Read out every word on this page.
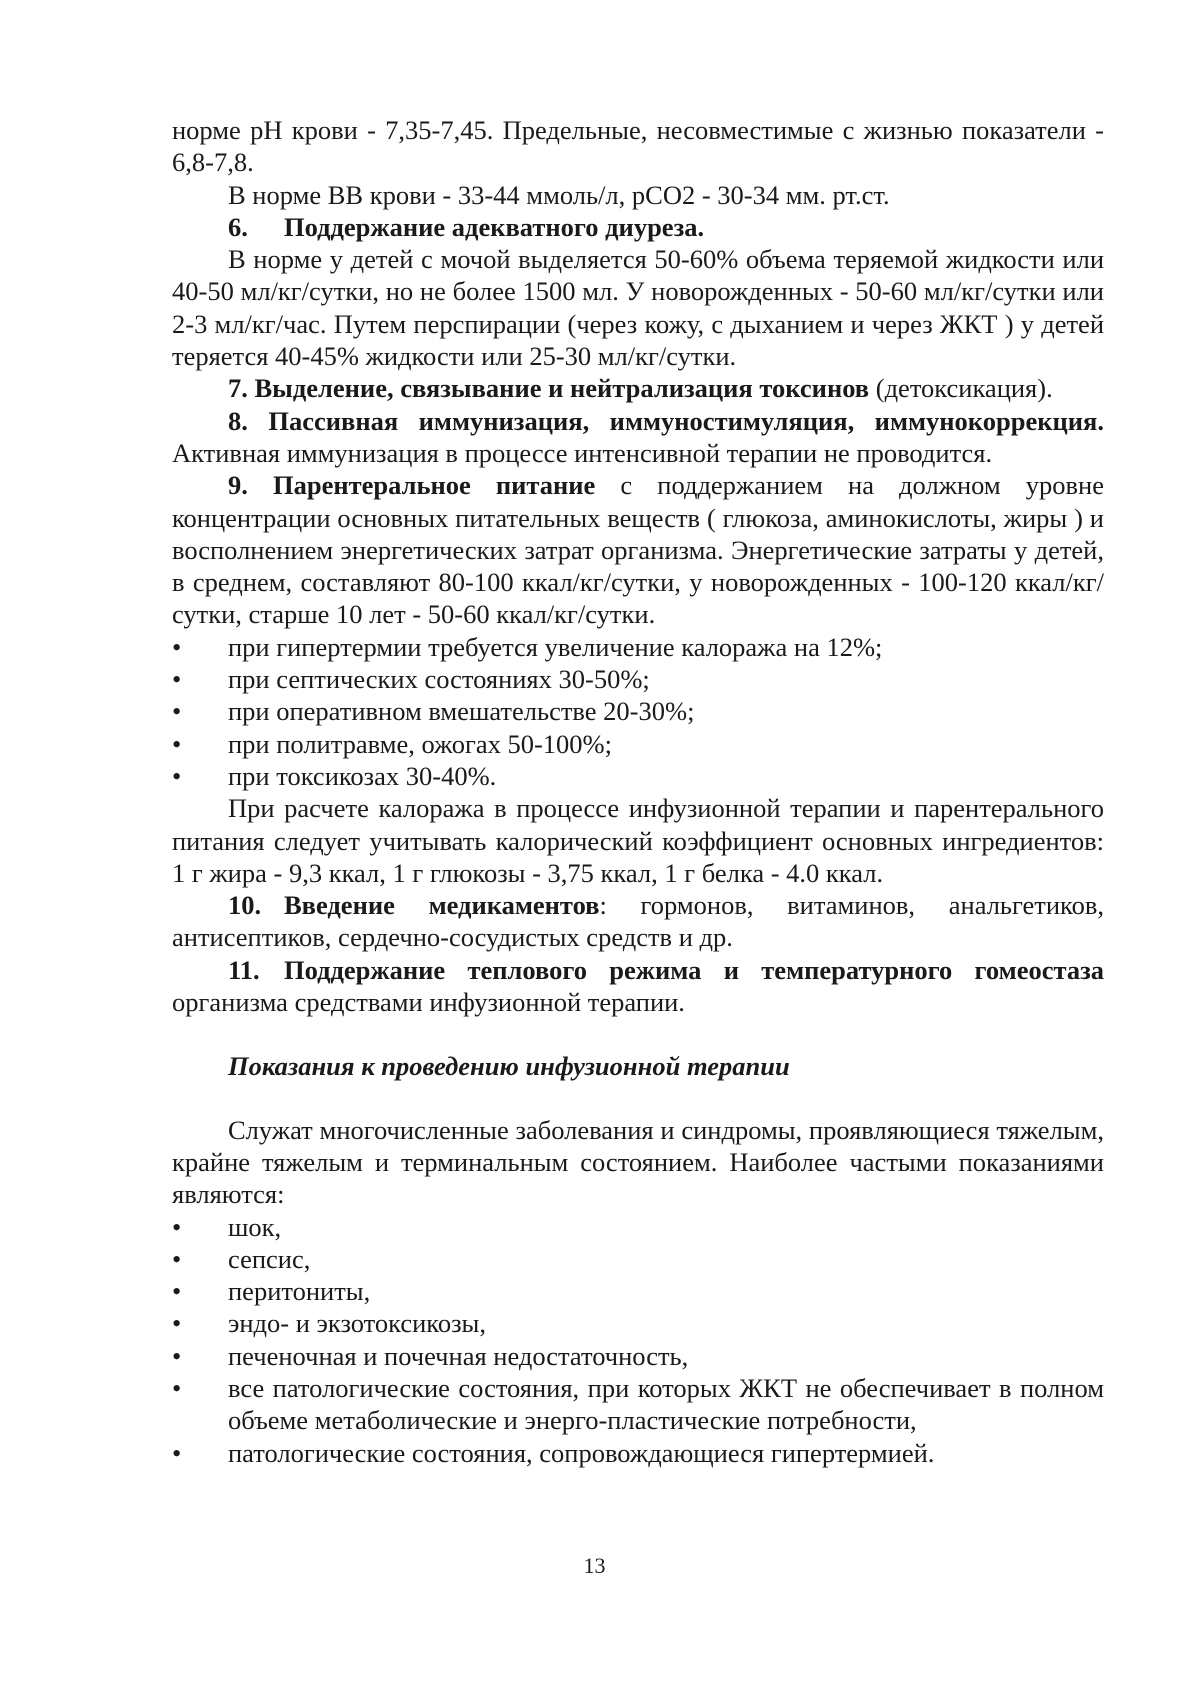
норме рН крови - 7,35-7,45. Предельные, несовместимые с жизнью показатели - 6,8-7,8.

В норме ВВ крови - 33-44 ммоль/л, рСО2 - 30-34 мм. рт.ст.

6. Поддержание адекватного диуреза.

В норме у детей с мочой выделяется 50-60% объема теряемой жидкости или 40-50 мл/кг/сутки, но не более 1500 мл. У новорожденных - 50-60 мл/кг/сутки или 2-3 мл/кг/час. Путем перспирации (через кожу, с дыханием и через ЖКТ ) у детей теряется 40-45% жидкости или 25-30 мл/кг/сутки.

7. Выделение, связывание и нейтрализация токсинов (детоксикация).

8. Пассивная иммунизация, иммуностимуляция, иммунокоррекция. Активная иммунизация в процессе интенсивной терапии не проводится.

9. Парентеральное питание с поддержанием на должном уровне концентрации основных питательных веществ ( глюкоза, аминокислоты, жиры ) и восполнением энергетических затрат организма. Энергетические затраты у детей, в среднем, составляют 80-100 ккал/кг/сутки, у новорожденных - 100-120 ккал/кг/сутки, старше 10 лет - 50-60 ккал/кг/сутки.

• при гипертермии требуется увеличение калоража на 12%;
• при септических состояниях 30-50%;
• при оперативном вмешательстве 20-30%;
• при политравме, ожогах 50-100%;
• при токсикозах 30-40%.

При расчете калоража в процессе инфузионной терапии и парентерального питания следует учитывать калорический коэффициент основных ингредиентов: 1 г жира - 9,3 ккал, 1 г глюкозы - 3,75 ккал, 1 г белка - 4.0 ккал.

10. Введение медикаментов: гормонов, витаминов, анальгетиков, антисептиков, сердечно-сосудистых средств и др.

11. Поддержание теплового режима и температурного гомеостаза организма средствами инфузионной терапии.

Показания к проведению инфузионной терапии

Служат многочисленные заболевания и синдромы, проявляющиеся тяжелым, крайне тяжелым и терминальным состоянием. Наиболее частыми показаниями являются:

• шок,
• сепсис,
• перитониты,
• эндо- и экзотоксикозы,
• печеночная и почечная недостаточность,
• все патологические состояния, при которых ЖКТ не обеспечивает в полном объеме метаболические и энерго-пластические потребности,
• патологические состояния, сопровождающиеся гипертермией.
13
